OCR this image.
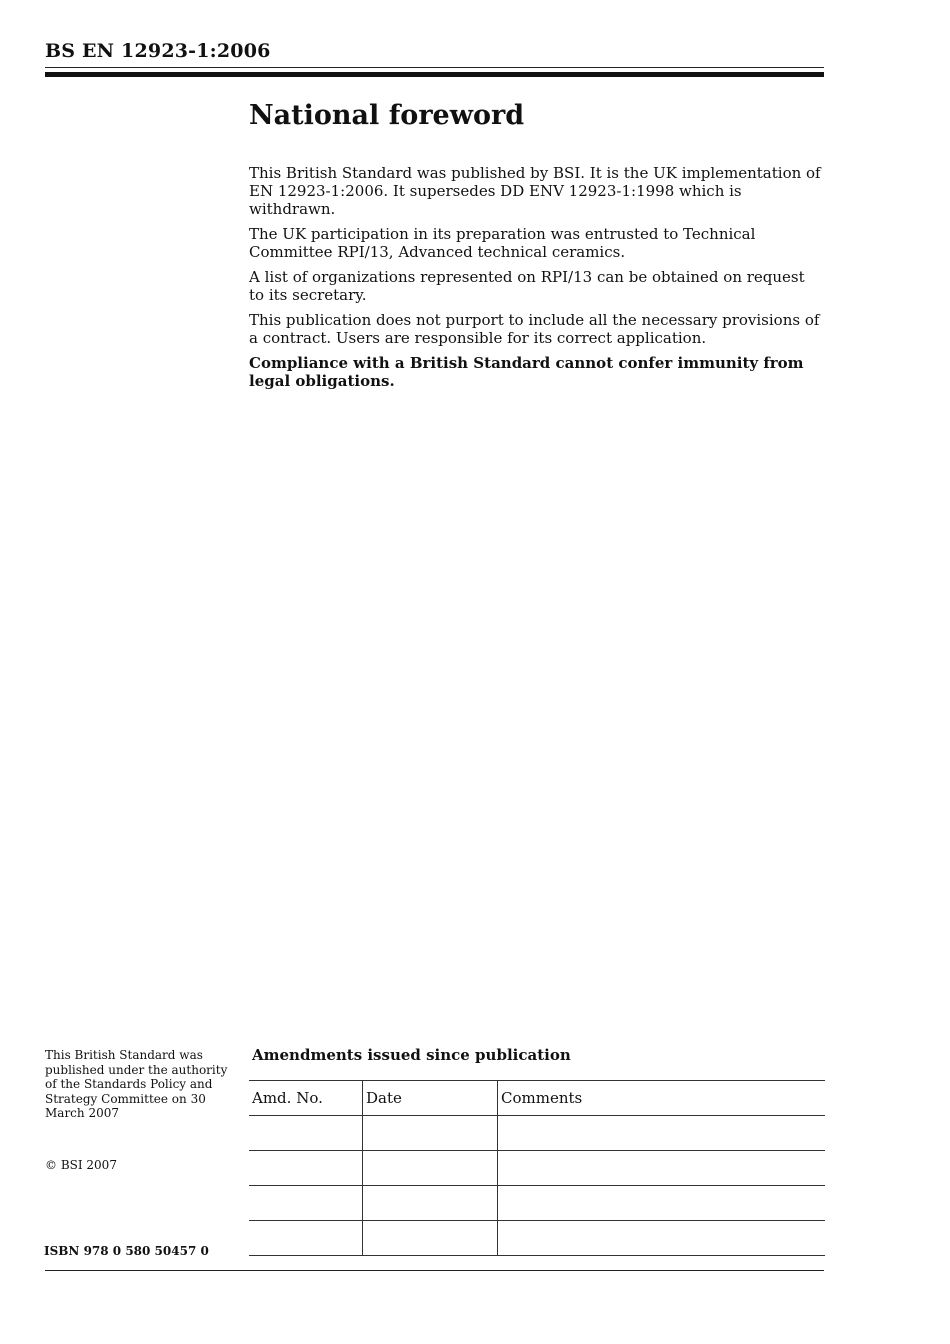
BS EN 12923-1:2006
National foreword

This British Standard was published by BSI. It is the UK implementation of EN 12923-1:2006. It supersedes DD ENV 12923-1:1998 which is withdrawn.

The UK participation in its preparation was entrusted to Technical Committee RPI/13, Advanced technical ceramics.

A list of organizations represented on RPI/13 can be obtained on request to its secretary.

This publication does not purport to include all the necessary provisions of a contract. Users are responsible for its correct application.

Compliance with a British Standard cannot confer immunity from legal obligations.

This British Standard was published under the authority of the Standards Policy and Strategy Committee on 30 March 2007
© BSI 2007
ISBN 978 0 580 50457 0
Amendments issued since publication
Amd. No.	Date	Comments
